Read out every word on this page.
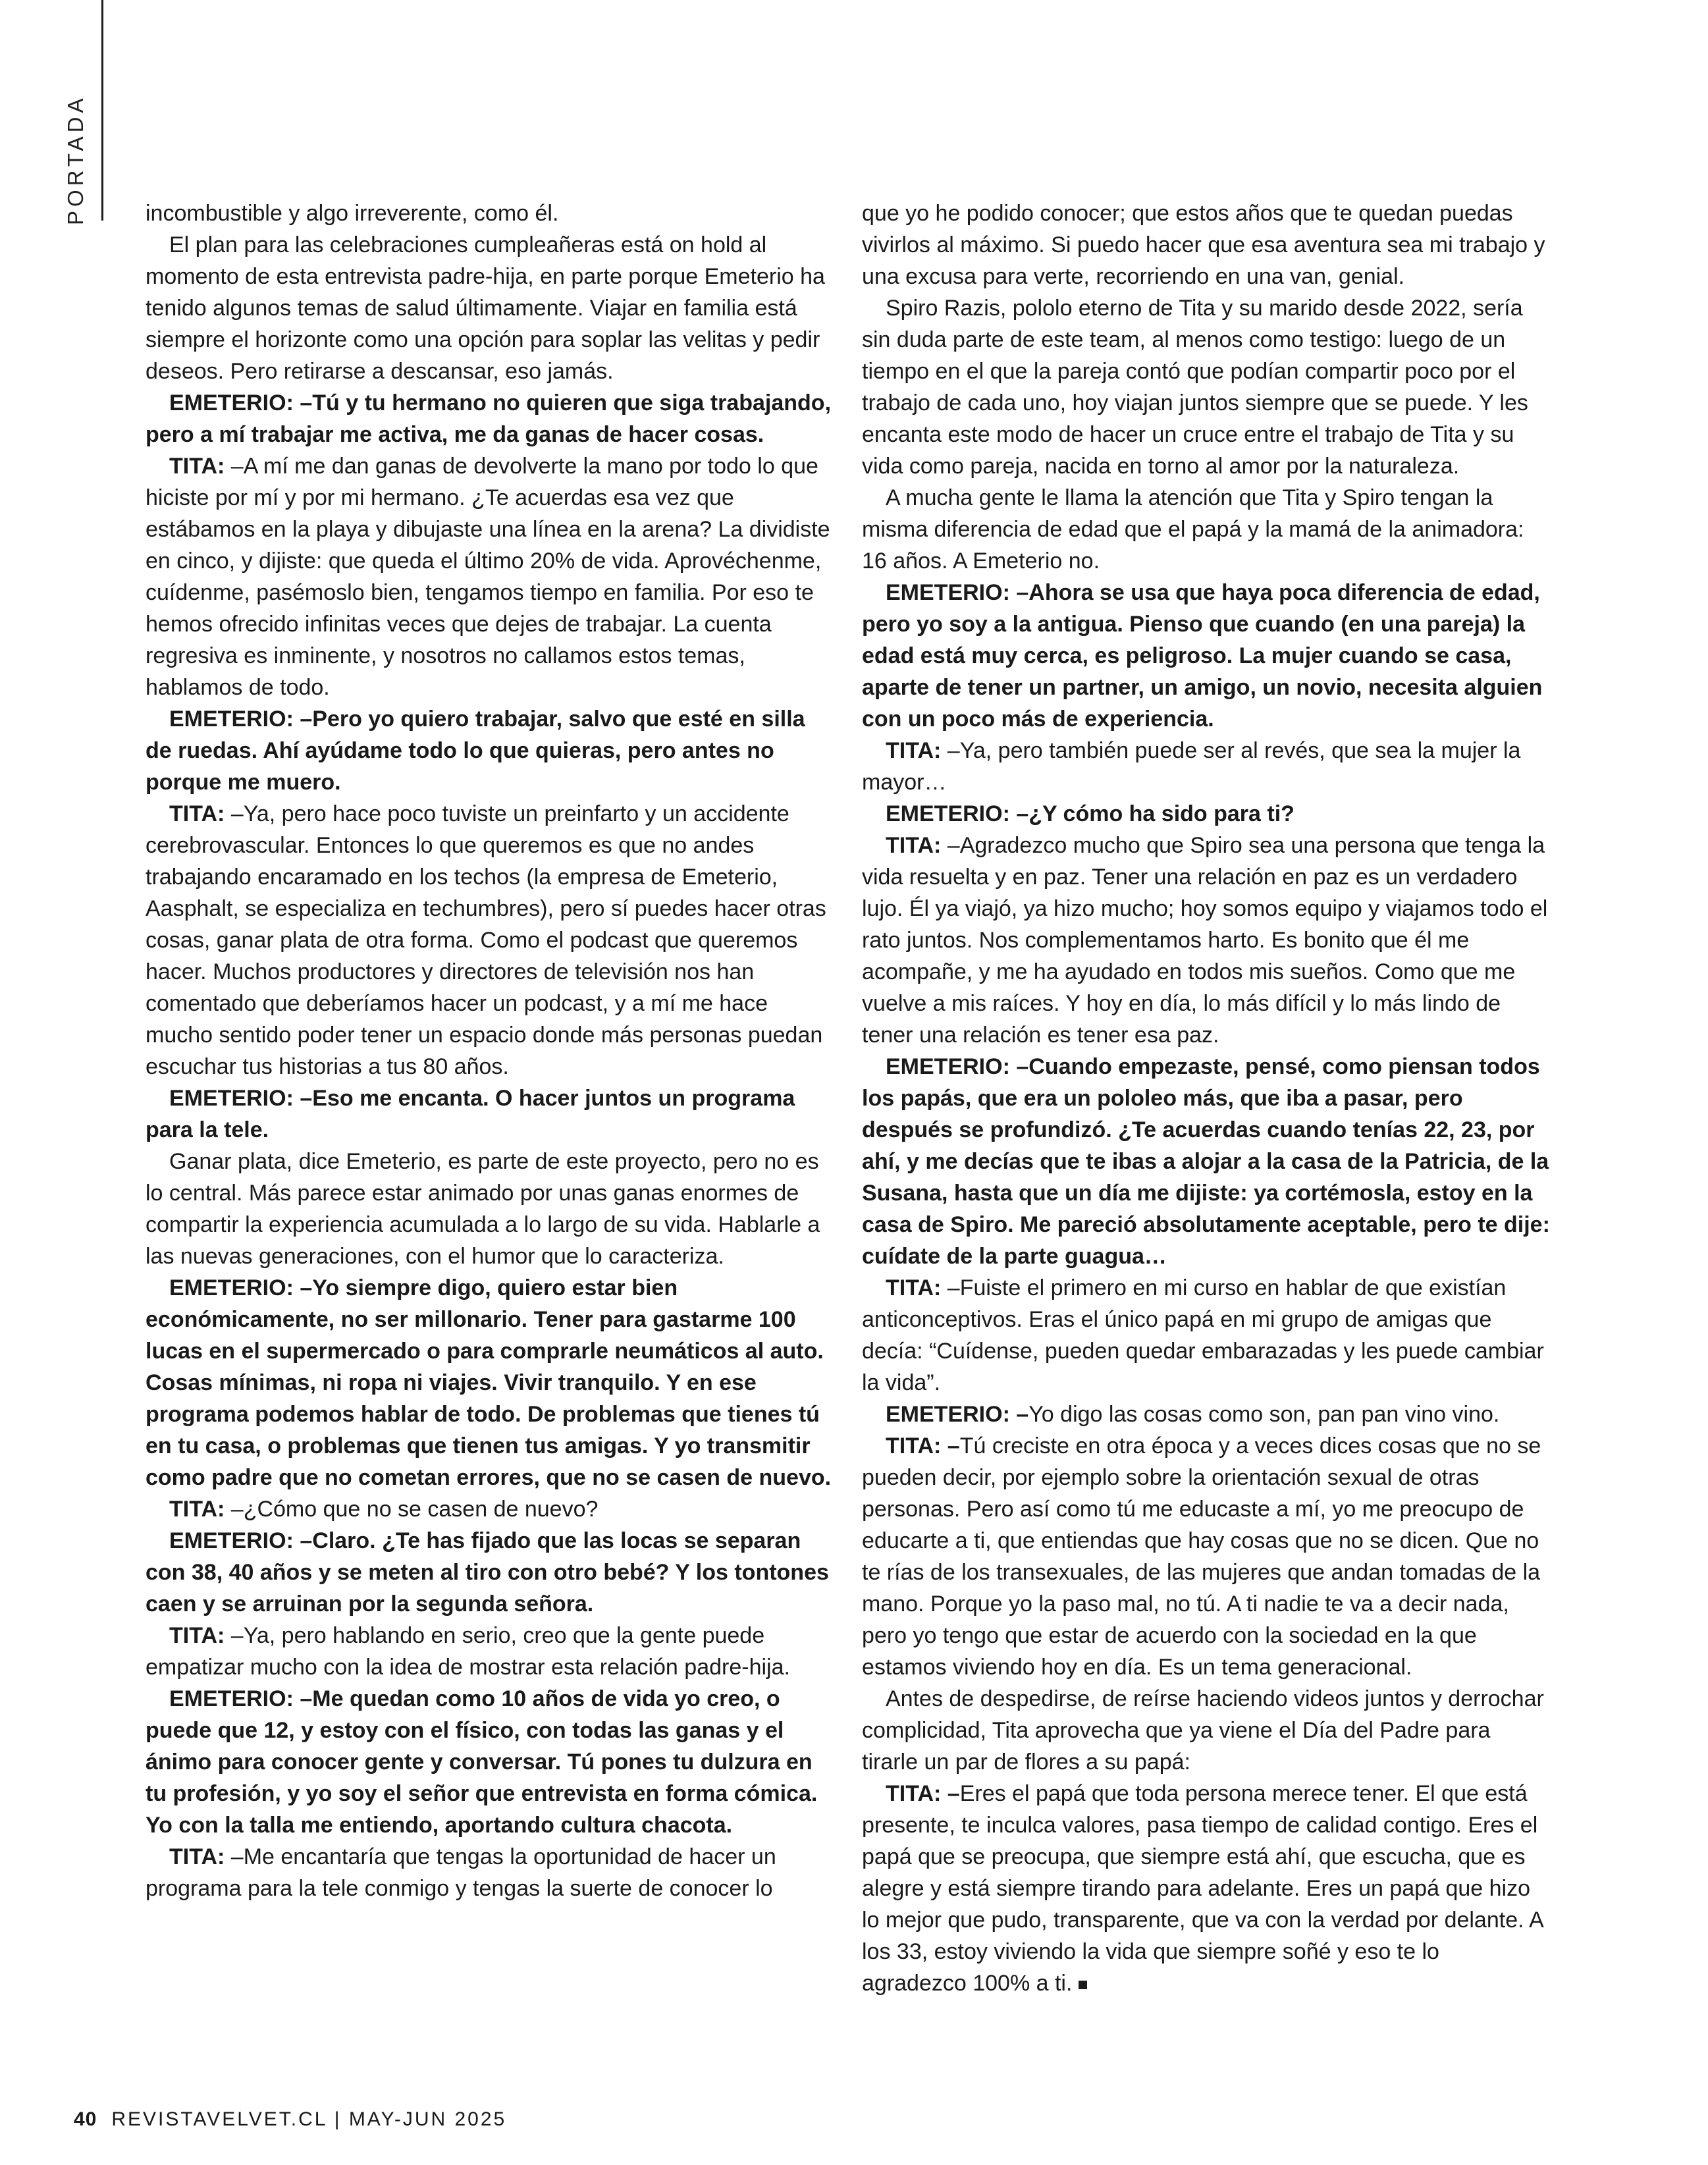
PORTADA	incombustible y algo irreverente, como él.

El plan para las celebraciones cumpleañeras está on hold al momento de esta entrevista padre-hija, en parte porque Emeterio ha tenido algunos temas de salud últimamente. Viajar en familia está siempre el horizonte como una opción para soplar las velitas y pedir deseos. Pero retirarse a descansar, eso jamás.

EMETERIO: –Tú y tu hermano no quieren que siga trabajando, pero a mí trabajar me activa, me da ganas de hacer cosas.

TITA: –A mí me dan ganas de devolverte la mano por todo lo que hiciste por mí y por mi hermano. ¿Te acuerdas esa vez que estábamos en la playa y dibujaste una línea en la arena? La dividiste en cinco, y dijiste: que queda el último 20% de vida. Aprovéchenme, cuídenme, pasémoslo bien, tengamos tiempo en familia. Por eso te hemos ofrecido infinitas veces que dejes de trabajar. La cuenta regresiva es inminente, y nosotros no callamos estos temas, hablamos de todo.

EMETERIO: –Pero yo quiero trabajar, salvo que esté en silla de ruedas. Ahí ayúdame todo lo que quieras, pero antes no porque me muero.

TITA: –Ya, pero hace poco tuviste un preinfarto y un accidente cerebrovascular. Entonces lo que queremos es que no andes trabajando encaramado en los techos (la empresa de Emeterio, Aasphalt, se especializa en techumbres), pero sí puedes hacer otras cosas, ganar plata de otra forma. Como el podcast que queremos hacer. Muchos productores y directores de televisión nos han comentado que deberíamos hacer un podcast, y a mí me hace mucho sentido poder tener un espacio donde más personas puedan escuchar tus historias a tus 80 años.

EMETERIO: –Eso me encanta. O hacer juntos un programa para la tele.

Ganar plata, dice Emeterio, es parte de este proyecto, pero no es lo central. Más parece estar animado por unas ganas enormes de compartir la experiencia acumulada a lo largo de su vida. Hablarle a las nuevas generaciones, con el humor que lo caracteriza.

EMETERIO: –Yo siempre digo, quiero estar bien económicamente, no ser millonario. Tener para gastarme 100 lucas en el supermercado o para comprarle neumáticos al auto. Cosas mínimas, ni ropa ni viajes. Vivir tranquilo. Y en ese programa podemos hablar de todo. De problemas que tienes tú en tu casa, o problemas que tienen tus amigas. Y yo transmitir como padre que no cometan errores, que no se casen de nuevo.

TITA: –¿Cómo que no se casen de nuevo?

EMETERIO: –Claro. ¿Te has fijado que las locas se separan con 38, 40 años y se meten al tiro con otro bebé? Y los tontones caen y se arruinan por la segunda señora.

TITA: –Ya, pero hablando en serio, creo que la gente puede empatizar mucho con la idea de mostrar esta relación padre-hija.

EMETERIO: –Me quedan como 10 años de vida yo creo, o puede que 12, y estoy con el físico, con todas las ganas y el ánimo para conocer gente y conversar. Tú pones tu dulzura en tu profesión, y yo soy el señor que entrevista en forma cómica. Yo con la talla me entiendo, aportando cultura chacota.

TITA: –Me encantaría que tengas la oportunidad de hacer un programa para la tele conmigo y tengas la suerte de conocer lo

que yo he podido conocer; que estos años que te quedan puedas vivirlos al máximo. Si puedo hacer que esa aventura sea mi trabajo y una excusa para verte, recorriendo en una van, genial.

Spiro Razis, pololo eterno de Tita y su marido desde 2022, sería sin duda parte de este team, al menos como testigo: luego de un tiempo en el que la pareja contó que podían compartir poco por el trabajo de cada uno, hoy viajan juntos siempre que se puede. Y les encanta este modo de hacer un cruce entre el trabajo de Tita y su vida como pareja, nacida en torno al amor por la naturaleza.

A mucha gente le llama la atención que Tita y Spiro tengan la misma diferencia de edad que el papá y la mamá de la animadora: 16 años. A Emeterio no.

EMETERIO: –Ahora se usa que haya poca diferencia de edad, pero yo soy a la antigua. Pienso que cuando (en una pareja) la edad está muy cerca, es peligroso. La mujer cuando se casa, aparte de tener un partner, un amigo, un novio, necesita alguien con un poco más de experiencia.

TITA: –Ya, pero también puede ser al revés, que sea la mujer la mayor…

EMETERIO: –¿Y cómo ha sido para ti?

TITA: –Agradezco mucho que Spiro sea una persona que tenga la vida resuelta y en paz. Tener una relación en paz es un verdadero lujo. Él ya viajó, ya hizo mucho; hoy somos equipo y viajamos todo el rato juntos. Nos complementamos harto. Es bonito que él me acompañe, y me ha ayudado en todos mis sueños. Como que me vuelve a mis raíces. Y hoy en día, lo más difícil y lo más lindo de tener una relación es tener esa paz.

EMETERIO: –Cuando empezaste, pensé, como piensan todos los papás, que era un pololeo más, que iba a pasar, pero después se profundizó. ¿Te acuerdas cuando tenías 22, 23, por ahí, y me decías que te ibas a alojar a la casa de la Patricia, de la Susana, hasta que un día me dijiste: ya cortémosla, estoy en la casa de Spiro. Me pareció absolutamente aceptable, pero te dije: cuídate de la parte guagua…

TITA: –Fuiste el primero en mi curso en hablar de que existían anticonceptivos. Eras el único papá en mi grupo de amigas que decía: “Cuídense, pueden quedar embarazadas y les puede cambiar la vida”.

EMETERIO: –Yo digo las cosas como son, pan pan vino vino.

TITA: –Tú creciste en otra época y a veces dices cosas que no se pueden decir, por ejemplo sobre la orientación sexual de otras personas. Pero así como tú me educaste a mí, yo me preocupo de educarte a ti, que entiendas que hay cosas que no se dicen. Que no te rías de los transexuales, de las mujeres que andan tomadas de la mano. Porque yo la paso mal, no tú. A ti nadie te va a decir nada, pero yo tengo que estar de acuerdo con la sociedad en la que estamos viviendo hoy en día. Es un tema generacional.

Antes de despedirse, de reírse haciendo videos juntos y derrochar complicidad, Tita aprovecha que ya viene el Día del Padre para tirarle un par de flores a su papá:

TITA: –Eres el papá que toda persona merece tener. El que está presente, te inculca valores, pasa tiempo de calidad contigo. Eres el papá que se preocupa, que siempre está ahí, que escucha, que es alegre y está siempre tirando para adelante. Eres un papá que hizo lo mejor que pudo, transparente, que va con la verdad por delante. A los 33, estoy viviendo la vida que siempre soñé y eso te lo agradezco 100% a ti.

40 REVISTAVELVET.CL | MAY-JUN 2025
